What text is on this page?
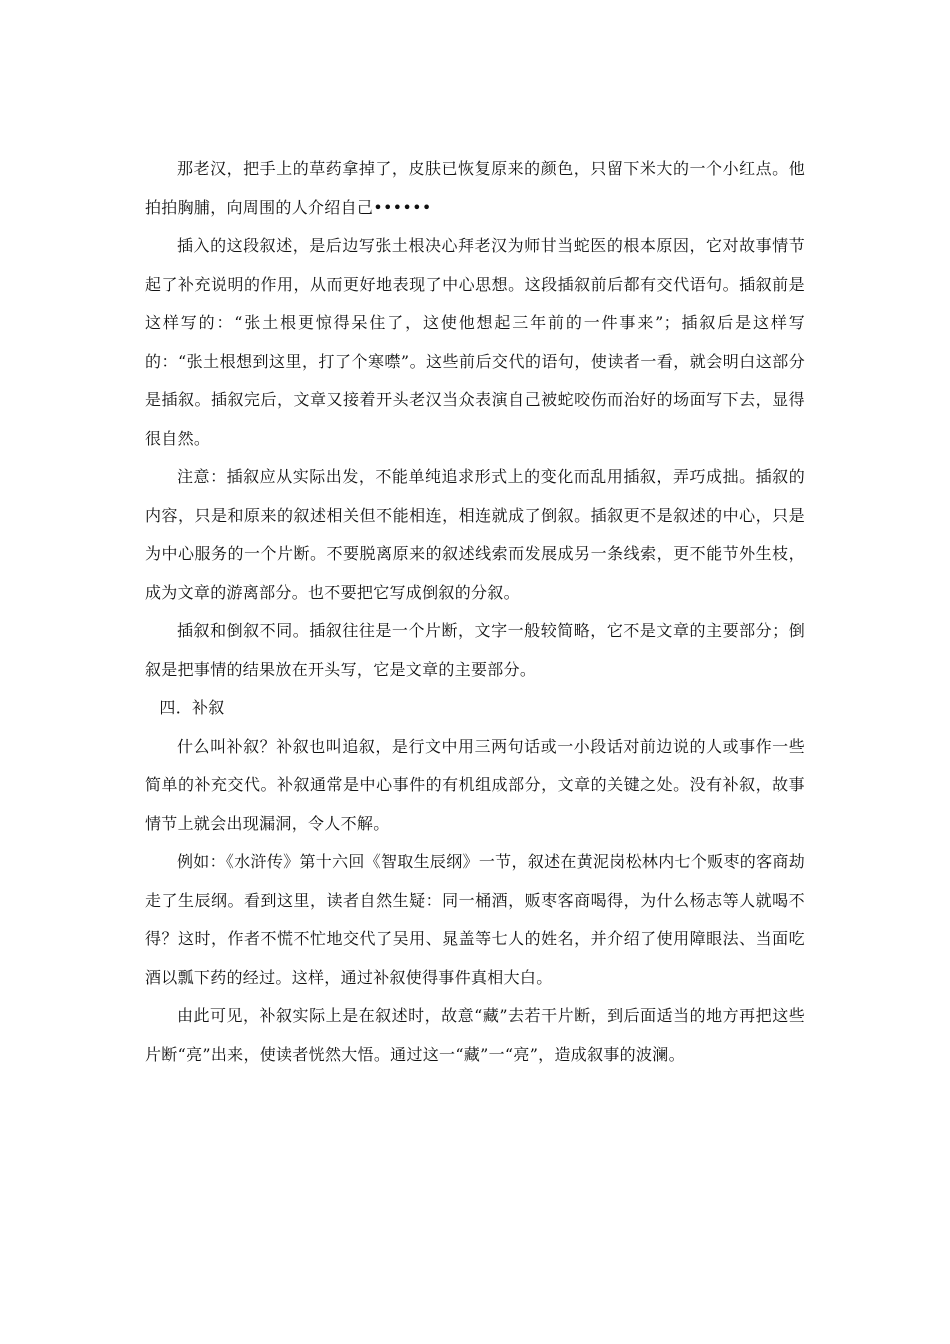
那老汉，把手上的草药拿掉了，皮肤已恢复原来的颜色，只留下米大的一个小红点。他拍拍胸脯，向周围的人介绍自己••••••

插入的这段叙述，是后边写张土根决心拜老汉为师甘当蛇医的根本原因，它对故事情节起了补充说明的作用，从而更好地表现了中心思想。这段插叙前后都有交代语句。插叙前是这样写的：“张土根更惊得呆住了，这使他想起三年前的一件事来”；插叙后是这样写的：“张土根想到这里，打了个寒噤”。这些前后交代的语句，使读者一看，就会明白这部分是插叙。插叙完后，文章又接着开头老汉当众表演自己被蛇咬伤而治好的场面写下去，显得很自然。

注意：插叙应从实际出发，不能单纯追求形式上的变化而乱用插叙，弄巧成拙。插叙的内容，只是和原来的叙述相关但不能相连，相连就成了倒叙。插叙更不是叙述的中心，只是为中心服务的一个片断。不要脱离原来的叙述线索而发展成另一条线索，更不能节外生枝，成为文章的游离部分。也不要把它写成倒叙的分叙。

插叙和倒叙不同。插叙往往是一个片断，文字一般较简略，它不是文章的主要部分；倒叙是把事情的结果放在开头写，它是文章的主要部分。

四．补叙

什么叫补叙？补叙也叫追叙，是行文中用三两句话或一小段话对前边说的人或事作一些简单的补充交代。补叙通常是中心事件的有机组成部分，文章的关键之处。没有补叙，故事情节上就会出现漏洞，令人不解。

例如：《水浒传》第十六回《智取生辰纲》一节，叙述在黄泥岗松林内七个贩枣的客商劫走了生辰纲。看到这里，读者自然生疑：同一桶酒，贩枣客商喝得，为什么杨志等人就喝不得？这时，作者不慌不忙地交代了吴用、晁盖等七人的姓名，并介绍了使用障眼法、当面吃酒以瓢下药的经过。这样，通过补叙使得事件真相大白。

由此可见，补叙实际上是在叙述时，故意“藏”去若干片断，到后面适当的地方再把这些片断“亮”出来，使读者恍然大悟。通过这一“藏”一“亮”，造成叙事的波澜。
